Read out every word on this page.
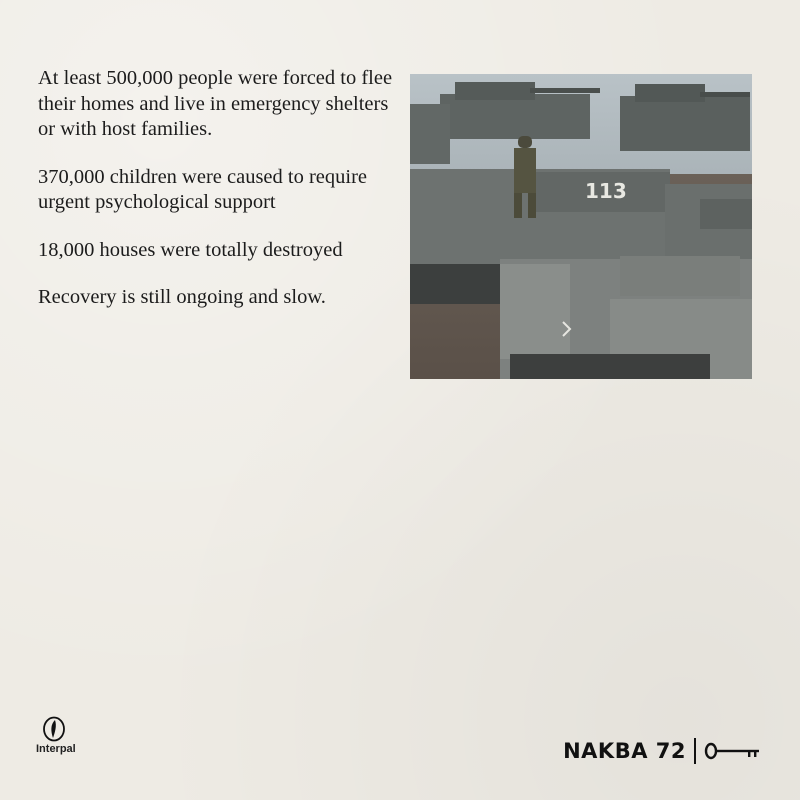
At least 500,000 people were forced to flee their homes and live in emergency shelters or with host families.

370,000 children were caused to require urgent psychological support

18,000 houses were totally destroyed

Recovery is still ongoing and slow.

113
Interpal	NAKBA 72
